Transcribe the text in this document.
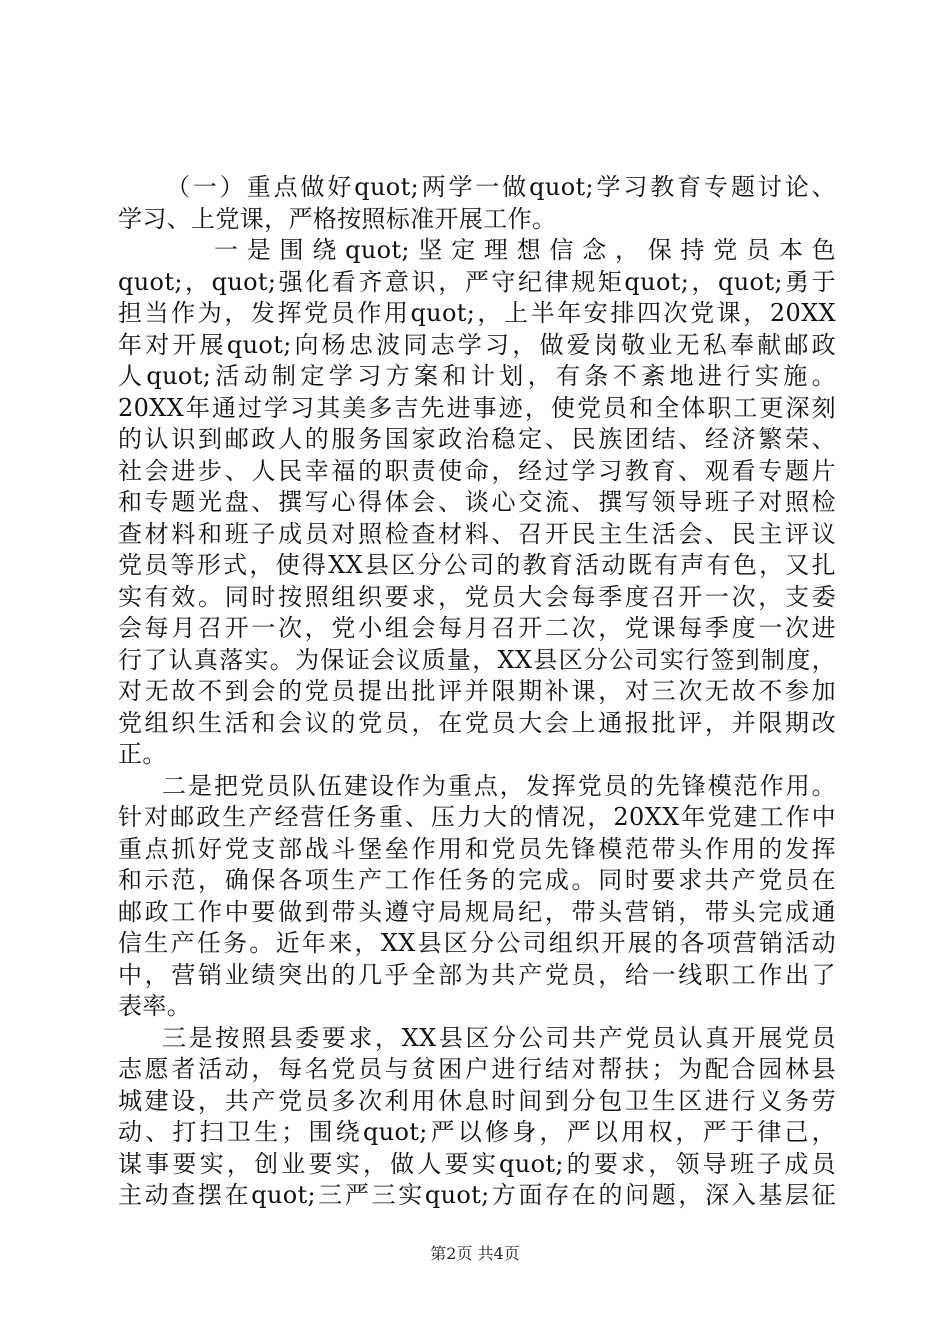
（一）重点做好quot;两学一做quot;学习教育专题讨论、
学习、上党课，严格按照标准开展工作。
一是围绕quot;坚定理想信念，保持党员本色
quot;，quot;强化看齐意识，严守纪律规矩quot;，quot;勇于
担当作为，发挥党员作用quot;，上半年安排四次党课，20XX
年对开展quot;向杨忠波同志学习，做爱岗敬业无私奉献邮政
人quot;活动制定学习方案和计划，有条不紊地进行实施。
20XX年通过学习其美多吉先进事迹，使党员和全体职工更深刻
的认识到邮政人的服务国家政治稳定、民族团结、经济繁荣、
社会进步、人民幸福的职责使命，经过学习教育、观看专题片
和专题光盘、撰写心得体会、谈心交流、撰写领导班子对照检
查材料和班子成员对照检查材料、召开民主生活会、民主评议
党员等形式，使得XX县区分公司的教育活动既有声有色，又扎
实有效。同时按照组织要求，党员大会每季度召开一次，支委
会每月召开一次，党小组会每月召开二次，党课每季度一次进
行了认真落实。为保证会议质量，XX县区分公司实行签到制度，
对无故不到会的党员提出批评并限期补课，对三次无故不参加
党组织生活和会议的党员，在党员大会上通报批评，并限期改
正。
二是把党员队伍建设作为重点，发挥党员的先锋模范作用。
针对邮政生产经营任务重、压力大的情况，20XX年党建工作中
重点抓好党支部战斗堡垒作用和党员先锋模范带头作用的发挥
和示范，确保各项生产工作任务的完成。同时要求共产党员在
邮政工作中要做到带头遵守局规局纪，带头营销，带头完成通
信生产任务。近年来，XX县区分公司组织开展的各项营销活动
中，营销业绩突出的几乎全部为共产党员，给一线职工作出了
表率。
三是按照县委要求，XX县区分公司共产党员认真开展党员
志愿者活动，每名党员与贫困户进行结对帮扶；为配合园林县
城建设，共产党员多次利用休息时间到分包卫生区进行义务劳
动、打扫卫生；围绕quot;严以修身，严以用权，严于律己，
谋事要实，创业要实，做人要实quot;的要求，领导班子成员
主动查摆在quot;三严三实quot;方面存在的问题，深入基层征
第2页 共4页
